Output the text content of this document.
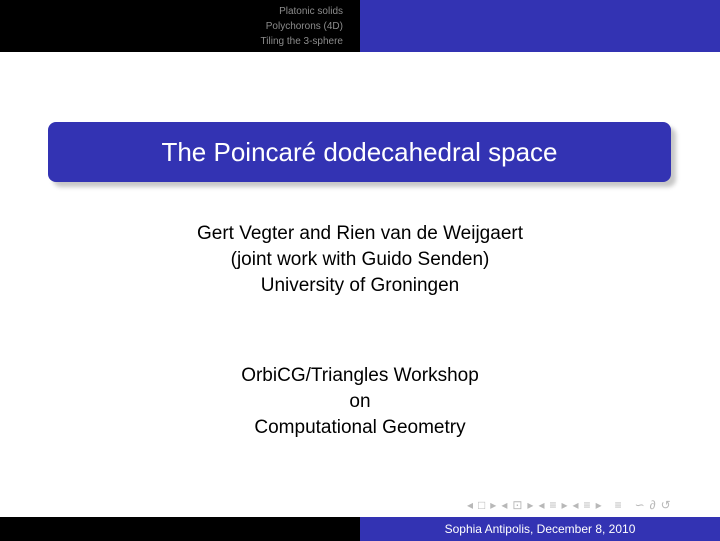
Platonic solids
Polychorons (4D)
Tiling the 3-sphere
The Poincaré dodecahedral space
Gert Vegter and Rien van de Weijgaert
(joint work with Guido Senden)
University of Groningen
OrbiCG/Triangles Workshop
on
Computational Geometry
◂ □ ▸ ◂ ⊡ ▸ ◂ ≡ ▸ ◂ ≡ ▸ ≡ ∽ ∂ ↺
Sophia Antipolis, December 8, 2010
